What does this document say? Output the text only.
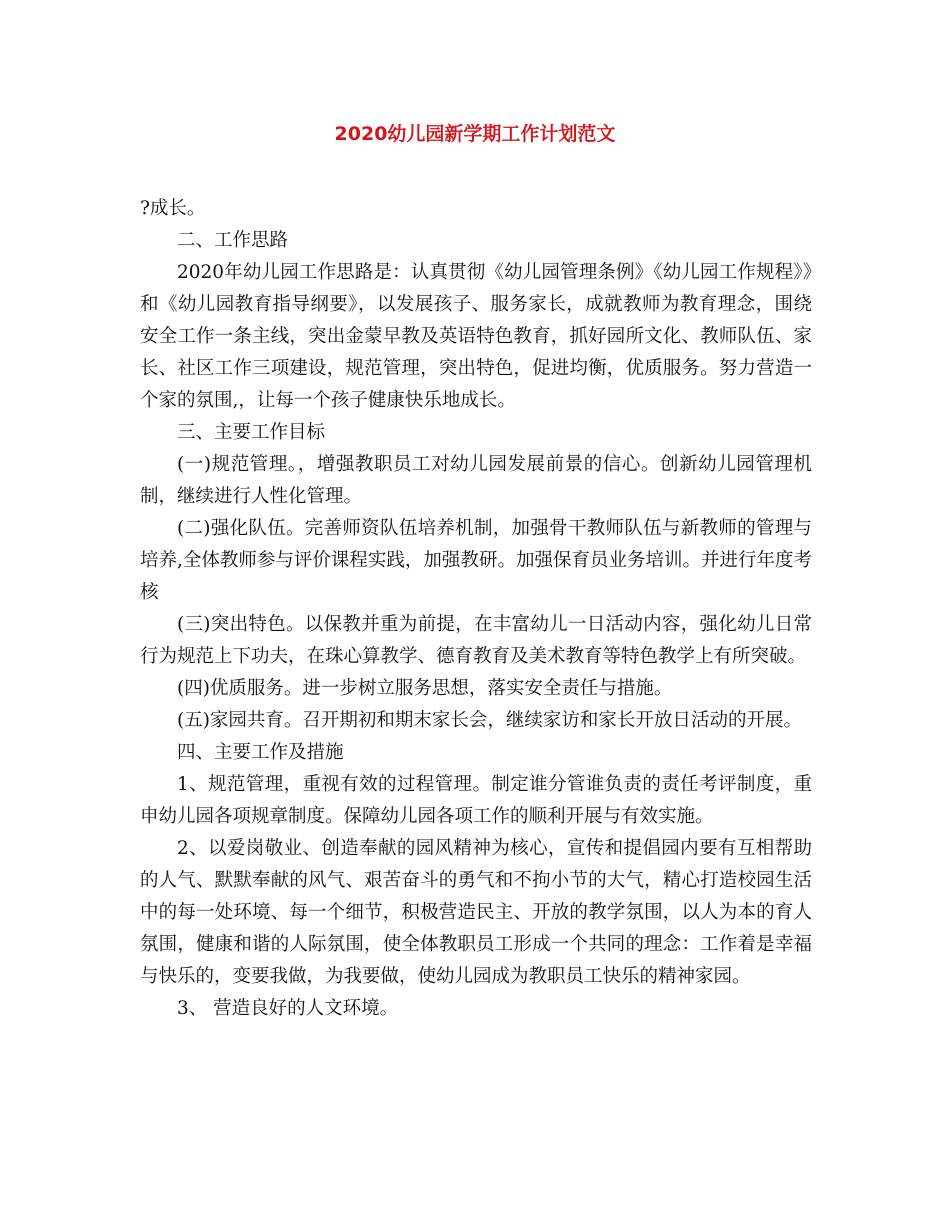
2020幼儿园新学期工作计划范文

?成长。

二、工作思路

2020年幼儿园工作思路是：认真贯彻《幼儿园管理条例》《幼儿园工作规程》》和《幼儿园教育指导纲要》，以发展孩子、服务家长，成就教师为教育理念，围绕安全工作一条主线，突出金蒙早教及英语特色教育，抓好园所文化、教师队伍、家长、社区工作三项建设，规范管理，突出特色，促进均衡，优质服务。努力营造一个家的氛围,，让每一个孩子健康快乐地成长。

三、主要工作目标

(一)规范管理。，增强教职员工对幼儿园发展前景的信心。创新幼儿园管理机制，继续进行人性化管理。

(二)强化队伍。完善师资队伍培养机制，加强骨干教师队伍与新教师的管理与培养,全体教师参与评价课程实践，加强教研。加强保育员业务培训。并进行年度考核

(三)突出特色。以保教并重为前提，在丰富幼儿一日活动内容，强化幼儿日常行为规范上下功夫，在珠心算教学、德育教育及美术教育等特色教学上有所突破。

(四)优质服务。进一步树立服务思想，落实安全责任与措施。

(五)家园共育。召开期初和期末家长会，继续家访和家长开放日活动的开展。

四、主要工作及措施

1、规范管理，重视有效的过程管理。制定谁分管谁负责的责任考评制度，重申幼儿园各项规章制度。保障幼儿园各项工作的顺利开展与有效实施。

2、以爱岗敬业、创造奉献的园风精神为核心，宣传和提倡园内要有互相帮助的人气、默默奉献的风气、艰苦奋斗的勇气和不拘小节的大气，精心打造校园生活中的每一处环境、每一个细节，积极营造民主、开放的教学氛围，以人为本的育人氛围，健康和谐的人际氛围，使全体教职员工形成一个共同的理念：工作着是幸福与快乐的，变要我做，为我要做，使幼儿园成为教职员工快乐的精神家园。

3、 营造良好的人文环境。
